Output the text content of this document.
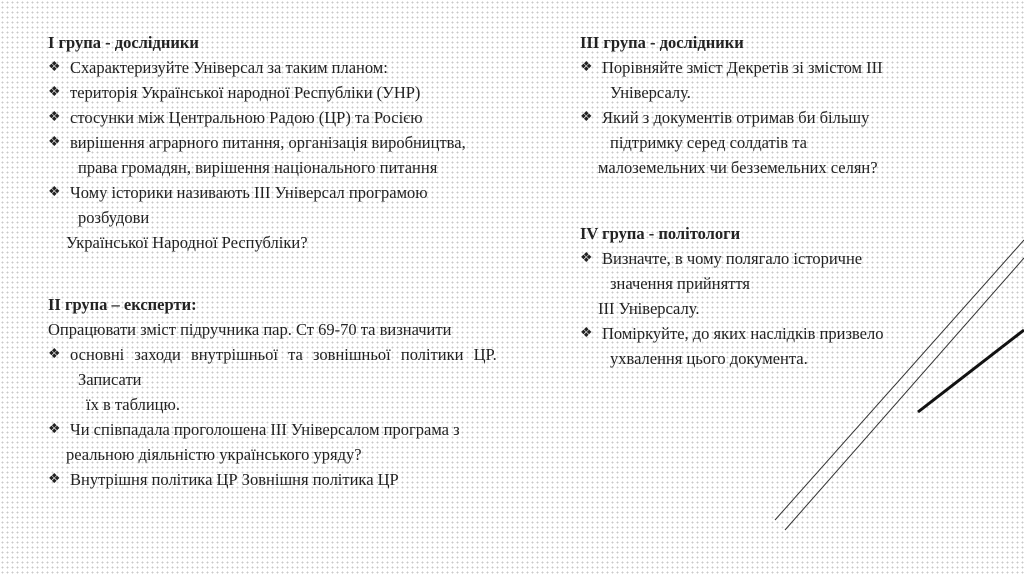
І група - дослідники

❖ Схарактеризуйте Універсал за таким планом:
❖ територія Української народної Республіки (УНР)
❖ стосунки між Центральною Радою (ЦР) та Росією
❖ вирішення аграрного питання, організація виробництва,

права громадян, вирішення національного питання

❖ Чому історики називають ІІІ Універсал програмою

розбудови

Української Народної Республіки?

ІІ група – експерти:

Опрацювати зміст підручника пар. Ст 69-70 та визначити

❖ основні заходи внутрішньої та зовнішньої політики ЦР.

Записати

їх в таблицю.

❖ Чи співпадала проголошена ІІІ Універсалом програма з

реальною діяльністю українського уряду?

❖ Внутрішня політика ЦР Зовнішня політика ЦР

ІІІ група - дослідники

❖ Порівняйте зміст Декретів зі змістом ІІІ

Універсалу.

❖ Який з документів отримав би більшу

підтримку серед солдатів та

малоземельних чи безземельних селян?

IV група - політологи

❖ Визначте, в чому полягало історичне

значення прийняття

ІІІ Універсалу.

❖ Поміркуйте, до яких наслідків призвело

ухвалення цього документа.
